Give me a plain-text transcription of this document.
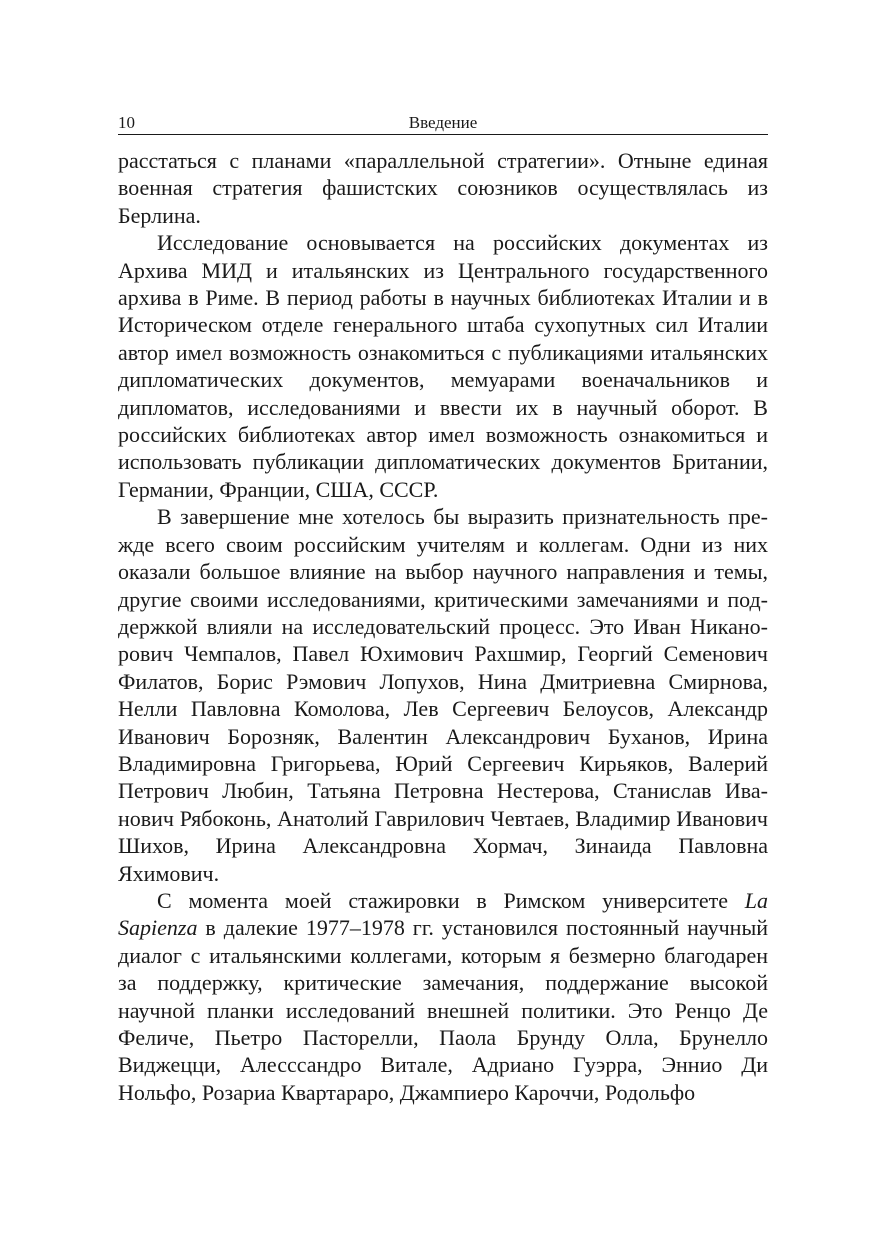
10	Введение

расстаться с планами «параллельной стратегии». Отныне единая военная стратегия фашистских союзников осуществлялась из Берлина.

Исследование основывается на российских документах из Архива МИД и итальянских из Центрального государственного архива в Риме. В период работы в научных библиотеках Италии и в Историческом отделе генерального штаба сухопутных сил Италии автор имел возможность ознакомиться с публикациями итальянских дипломатических документов, мемуарами военачальников и дипломатов, исследованиями и ввести их в научный оборот. В российских библиотеках автор имел возможность ознакомиться и использовать публикации дипломатических документов Британии, Германии, Франции, США, СССР.

В завершение мне хотелось бы выразить признательность прежде всего своим российским учителям и коллегам. Одни из них оказали большое влияние на выбор научного направления и темы, другие своими исследованиями, критическими замечаниями и поддержкой влияли на исследовательский процесс. Это Иван Никанорович Чемпалов, Павел Юхимович Рахшмир, Георгий Семенович Филатов, Борис Рэмович Лопухов, Нина Дмитриевна Смирнова, Нелли Павловна Комолова, Лев Сергеевич Белоусов, Александр Иванович Борозняк, Валентин Александрович Буханов, Ирина Владимировна Григорьева, Юрий Сергеевич Кирьяков, Валерий Петрович Любин, Татьяна Петровна Нестерова, Станислав Иванович Рябоконь, Анатолий Гаврилович Чевтаев, Владимир Иванович Шихов, Ирина Александровна Хормач, Зинаида Павловна Яхимович.

С момента моей стажировки в Римском университете La Sapienza в далекие 1977–1978 гг. установился постоянный научный диалог с итальянскими коллегами, которым я безмерно благодарен за поддержку, критические замечания, поддержание высокой научной планки исследований внешней политики. Это Ренцо Де Феличе, Пьетро Пасторелли, Паола Брунду Олла, Брунелло Виджецци, Алесссандро Витале, Адриано Гуэрра, Эннио Ди Нольфо, Розариа Квартараро, Джампиеро Кароччи, Родольфо
